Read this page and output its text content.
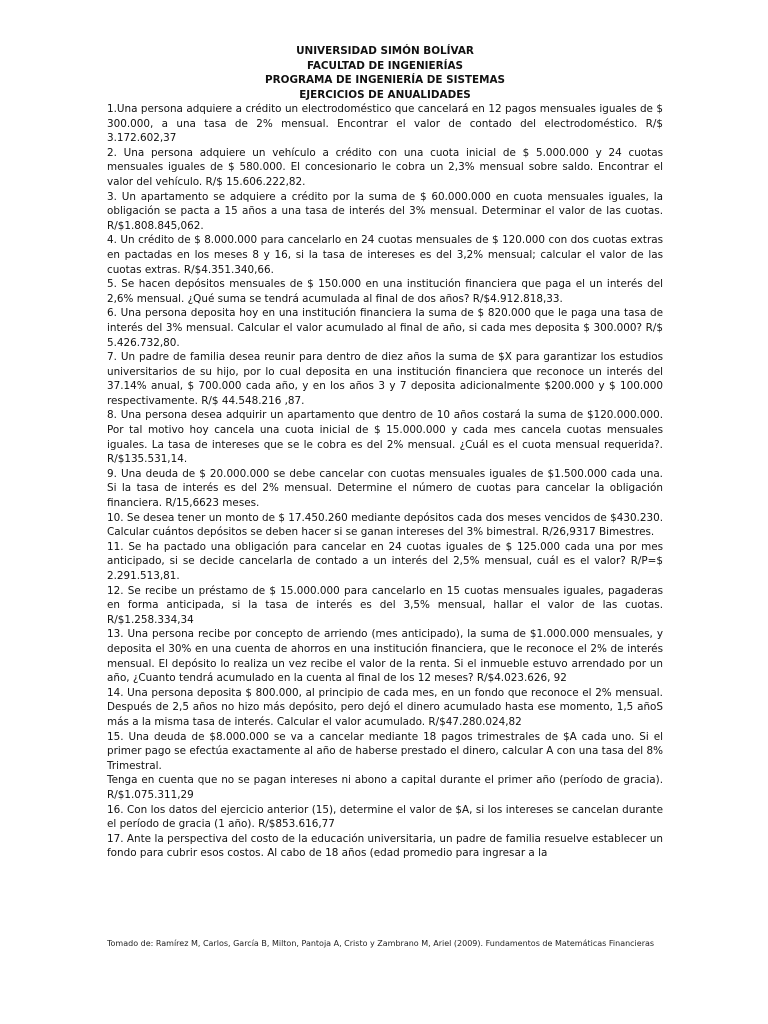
UNIVERSIDAD SIMÓN BOLÍVAR
FACULTAD DE INGENIERÍAS
PROGRAMA DE INGENIERÍA DE SISTEMAS
EJERCICIOS DE ANUALIDADES

1.Una persona adquiere a crédito un electrodoméstico que cancelará en 12 pagos mensuales iguales de $ 300.000, a una tasa de 2% mensual. Encontrar el valor de contado del electrodoméstico. R/$ 3.172.602,37

2. Una persona adquiere un vehículo a crédito con una cuota inicial de $ 5.000.000 y 24 cuotas mensuales iguales de $ 580.000. El concesionario le cobra un 2,3% mensual sobre saldo. Encontrar el valor del vehículo. R/$ 15.606.222,82.

3. Un apartamento se adquiere a crédito por la suma de $ 60.000.000 en cuota mensuales iguales, la obligación se pacta a 15 años a una tasa de interés del 3% mensual. Determinar el valor de las cuotas. R/$1.808.845,062.

4. Un crédito de $ 8.000.000 para cancelarlo en 24 cuotas mensuales de $ 120.000 con dos cuotas extras en pactadas en los meses 8 y 16, si la tasa de intereses es del 3,2% mensual; calcular el valor de las cuotas extras. R/$4.351.340,66.

5. Se hacen depósitos mensuales de $ 150.000 en una institución financiera que paga el un interés del 2,6% mensual. ¿Qué suma se tendrá acumulada al final de dos años? R/$4.912.818,33.

6. Una persona deposita hoy en una institución financiera la suma de $ 820.000 que le paga una tasa de interés del 3% mensual. Calcular el valor acumulado al final de año, si cada mes deposita $ 300.000? R/$ 5.426.732,80.

7. Un padre de familia desea reunir para dentro de diez años la suma de $X para garantizar los estudios universitarios de su hijo, por lo cual deposita en una institución financiera que reconoce un interés del 37.14% anual, $ 700.000 cada año, y en los años 3 y 7 deposita adicionalmente $200.000 y $ 100.000 respectivamente. R/$ 44.548.216 ,87.

8. Una persona desea adquirir un apartamento que dentro de 10 años costará la suma de $120.000.000. Por tal motivo hoy cancela una cuota inicial de $ 15.000.000 y cada mes cancela cuotas mensuales iguales. La tasa de intereses que se le cobra es del 2% mensual. ¿Cuál es el cuota mensual requerida?. R/$135.531,14.

9. Una deuda de $ 20.000.000 se debe cancelar con cuotas mensuales iguales de $1.500.000 cada una. Si la tasa de interés es del 2% mensual. Determine el número de cuotas para cancelar la obligación financiera. R/15,6623 meses.

10. Se desea tener un monto de $ 17.450.260 mediante depósitos cada dos meses vencidos de $430.230. Calcular cuántos depósitos se deben hacer si se ganan intereses del 3% bimestral. R/26,9317 Bimestres.

11. Se ha pactado una obligación para cancelar en 24 cuotas iguales de $ 125.000 cada una por mes anticipado, si se decide cancelarla de contado a un interés del 2,5% mensual, cuál es el valor? R/P=$ 2.291.513,81.

12. Se recibe un préstamo de $ 15.000.000 para cancelarlo en 15 cuotas mensuales iguales, pagaderas en forma anticipada, si la tasa de interés es del 3,5% mensual, hallar el valor de las cuotas. R/$1.258.334,34

13. Una persona recibe por concepto de arriendo (mes anticipado), la suma de $1.000.000 mensuales, y deposita el 30% en una cuenta de ahorros en una institución financiera, que le reconoce el 2% de interés mensual. El depósito lo realiza un vez recibe el valor de la renta. Si el inmueble estuvo arrendado por un año, ¿Cuanto tendrá acumulado en la cuenta al final de los 12 meses? R/$4.023.626, 92

14. Una persona deposita $ 800.000, al principio de cada mes, en un fondo que reconoce el 2% mensual. Después de 2,5 años no hizo más depósito, pero dejó el dinero acumulado hasta ese momento, 1,5 añoS más a la misma tasa de interés. Calcular el valor acumulado. R/$47.280.024,82

15. Una deuda de $8.000.000 se va a cancelar mediante 18 pagos trimestrales de $A cada uno. Si el primer pago se efectúa exactamente al año de haberse prestado el dinero, calcular A con una tasa del 8% Trimestral.

Tenga en cuenta que no se pagan intereses ni abono a capital durante el primer año (período de gracia). R/$1.075.311,29

16. Con los datos del ejercicio anterior (15), determine el valor de $A, si los intereses se cancelan durante el período de gracia (1 año). R/$853.616,77

17. Ante la perspectiva del costo de la educación universitaria, un padre de familia resuelve establecer un fondo para cubrir esos costos. Al cabo de 18 años (edad promedio para ingresar a la

Tomado de: Ramírez M, Carlos, García B, Milton, Pantoja A, Cristo y Zambrano M, Ariel (2009). Fundamentos de Matemáticas Financieras
